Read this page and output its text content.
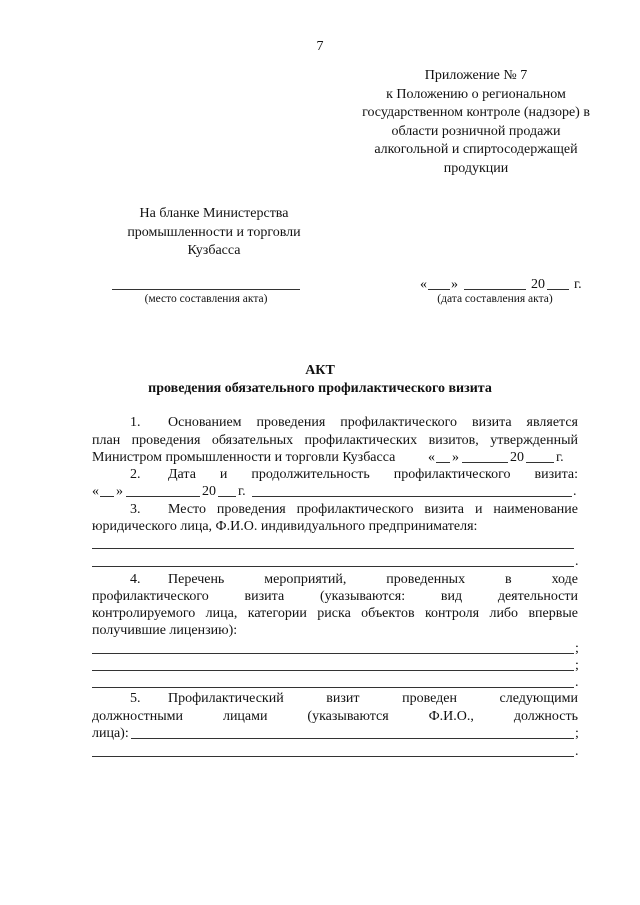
7
Приложение № 7
к Положению о региональном
государственном контроле (надзоре) в
области розничной продажи
алкогольной и спиртосодержащей
продукции
На бланке Министерства
промышленности и торговли
Кузбасса
(место составления акта)
« »	20 г.
(дата составления акта)
АКТ
проведения обязательного профилактического визита
1. Основанием проведения профилактического визита является
план проведения обязательных профилактических визитов, утвержденный
Министром промышленности и торговли Кузбасса « »	20 г.
2. Дата и продолжительность профилактического визита:
« »	20 г.	.
3. Место проведения профилактического визита и наименование
юридического лица, Ф.И.О. индивидуального предпринимателя:
.
4. Перечень мероприятий, проведенных в ходе
профилактического визита (указываются: вид деятельности
контролируемого лица, категории риска объектов контроля либо впервые
получившие лицензию):
;
;
.
5. Профилактический визит проведен следующими
должностными лицами (указываются Ф.И.О., должность
лица):	;
.
